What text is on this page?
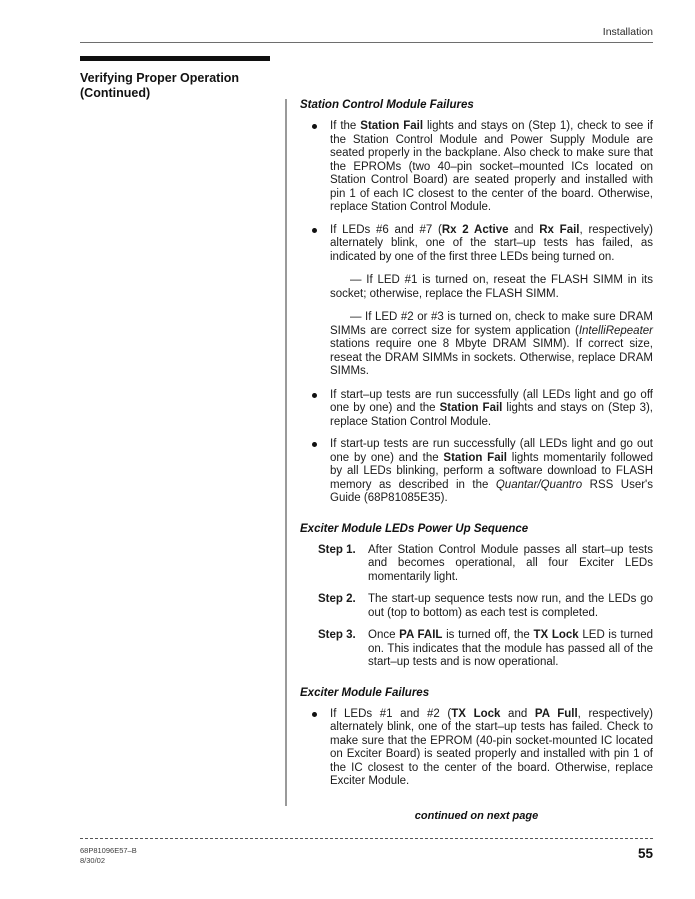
Installation
Verifying Proper Operation
(Continued)
Station Control Module Failures
If the Station Fail lights and stays on (Step 1), check to see if the Station Control Module and Power Supply Module are seated properly in the backplane. Also check to make sure that the EPROMs (two 40–pin socket–mounted ICs located on Station Control Board) are seated properly and installed with pin 1 of each IC closest to the center of the board. Otherwise, replace Station Control Module.
If LEDs #6 and #7 (Rx 2 Active and Rx Fail, respectively) alternately blink, one of the start–up tests has failed, as indicated by one of the first three LEDs being turned on.

— If LED #1 is turned on, reseat the FLASH SIMM in its socket; otherwise, replace the FLASH SIMM.

— If LED #2 or #3 is turned on, check to make sure DRAM SIMMs are correct size for system application (IntelliRepeater stations require one 8 Mbyte DRAM SIMM). If correct size, reseat the DRAM SIMMs in sockets. Otherwise, replace DRAM SIMMs.

If start–up tests are run successfully (all LEDs light and go off one by one) and the Station Fail lights and stays on (Step 3), replace Station Control Module.
If start-up tests are run successfully (all LEDs light and go out one by one) and the Station Fail lights momentarily followed by all LEDs blinking, perform a software download to FLASH memory as described in the Quantar/Quantro RSS User's Guide (68P81085E35).
Exciter Module LEDs Power Up Sequence
Step 1.	After Station Control Module passes all start–up tests and becomes operational, all four Exciter LEDs momentarily light.
Step 2.	The start-up sequence tests now run, and the LEDs go out (top to bottom) as each test is completed.
Step 3.	Once PA FAIL is turned off, the TX Lock LED is turned on. This indicates that the module has passed all of the start–up tests and is now operational.
Exciter Module Failures
If LEDs #1 and #2 (TX Lock and PA Full, respectively) alternately blink, one of the start–up tests has failed. Check to make sure that the EPROM (40-pin socket-mounted IC located on Exciter Board) is seated properly and installed with pin 1 of the IC closest to the center of the board. Otherwise, replace Exciter Module.
continued on next page
68P81096E57–B
8/30/02	55
